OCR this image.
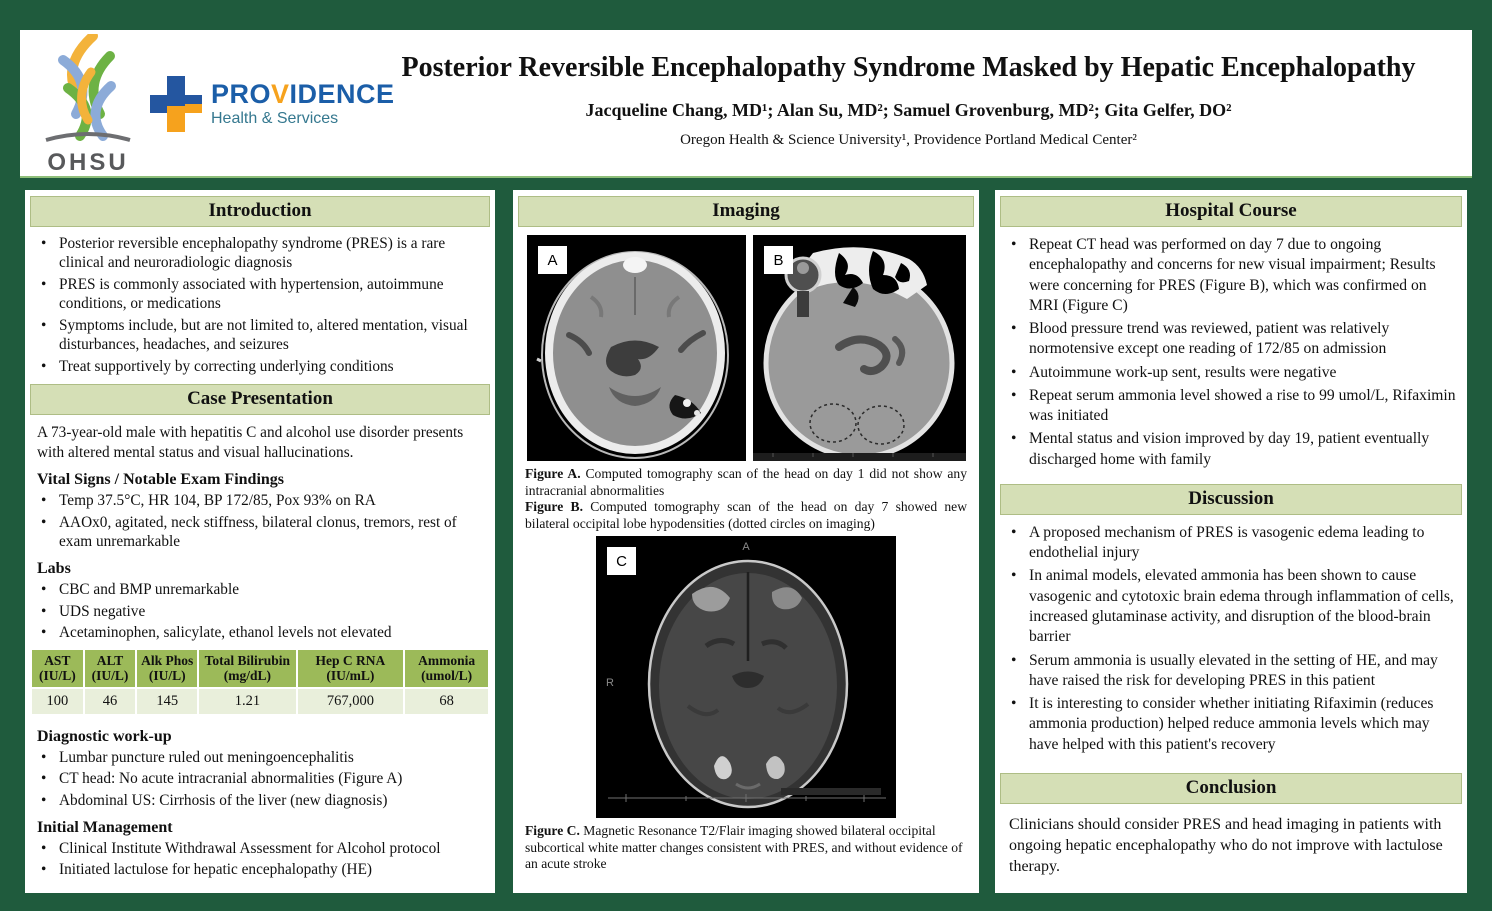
OHSU
PROVIDENCE
Health & Services
Posterior Reversible Encephalopathy Syndrome Masked by Hepatic Encephalopathy
Jacqueline Chang, MD¹; Alan Su, MD²; Samuel Grovenburg, MD²; Gita Gelfer, DO²
Oregon Health & Science University¹, Providence Portland Medical Center²
Introduction
• Posterior reversible encephalopathy syndrome (PRES) is a rare clinical and neuroradiologic diagnosis
• PRES is commonly associated with hypertension, autoimmune conditions, or medications
• Symptoms include, but are not limited to, altered mentation, visual disturbances, headaches, and seizures
• Treat supportively by correcting underlying conditions
Case Presentation
A 73-year-old male with hepatitis C and alcohol use disorder presents with altered mental status and visual hallucinations.
Vital Signs / Notable Exam Findings
• Temp 37.5°C, HR 104, BP 172/85, Pox 93% on RA
• AAOx0, agitated, neck stiffness, bilateral clonus, tremors, rest of exam unremarkable
Labs
• CBC and BMP unremarkable
• UDS negative
• Acetaminophen, salicylate, ethanol levels not elevated
AST (IU/L)	ALT (IU/L)	Alk Phos (IU/L)	Total Bilirubin (mg/dL)	Hep C RNA (IU/mL)	Ammonia (umol/L)
100	46	145	1.21	767,000	68
Diagnostic work-up
• Lumbar puncture ruled out meningoencephalitis
• CT head: No acute intracranial abnormalities (Figure A)
• Abdominal US: Cirrhosis of the liver (new diagnosis)
Initial Management
• Clinical Institute Withdrawal Assessment for Alcohol protocol
• Initiated lactulose for hepatic encephalopathy (HE)
Imaging
A	B
Figure A. Computed tomography scan of the head on day 1 did not show any intracranial abnormalities
Figure B. Computed tomography scan of the head on day 7 showed new bilateral occipital lobe hypodensities (dotted circles on imaging)
A
R
C
Figure C. Magnetic Resonance T2/Flair imaging showed bilateral occipital subcortical white matter changes consistent with PRES, and without evidence of an acute stroke
Hospital Course
• Repeat CT head was performed on day 7 due to ongoing encephalopathy and concerns for new visual impairment; Results were concerning for PRES (Figure B), which was confirmed on MRI (Figure C)
• Blood pressure trend was reviewed, patient was relatively normotensive except one reading of 172/85 on admission
• Autoimmune work-up sent, results were negative
• Repeat serum ammonia level showed a rise to 99 umol/L, Rifaximin was initiated
• Mental status and vision improved by day 19, patient eventually discharged home with family
Discussion
• A proposed mechanism of PRES is vasogenic edema leading to endothelial injury
• In animal models, elevated ammonia has been shown to cause vasogenic and cytotoxic brain edema through inflammation of cells, increased glutaminase activity, and disruption of the blood-brain barrier
• Serum ammonia is usually elevated in the setting of HE, and may have raised the risk for developing PRES in this patient
• It is interesting to consider whether initiating Rifaximin (reduces ammonia production) helped reduce ammonia levels which may have helped with this patient's recovery
Conclusion
Clinicians should consider PRES and head imaging in patients with ongoing hepatic encephalopathy who do not improve with lactulose therapy.
